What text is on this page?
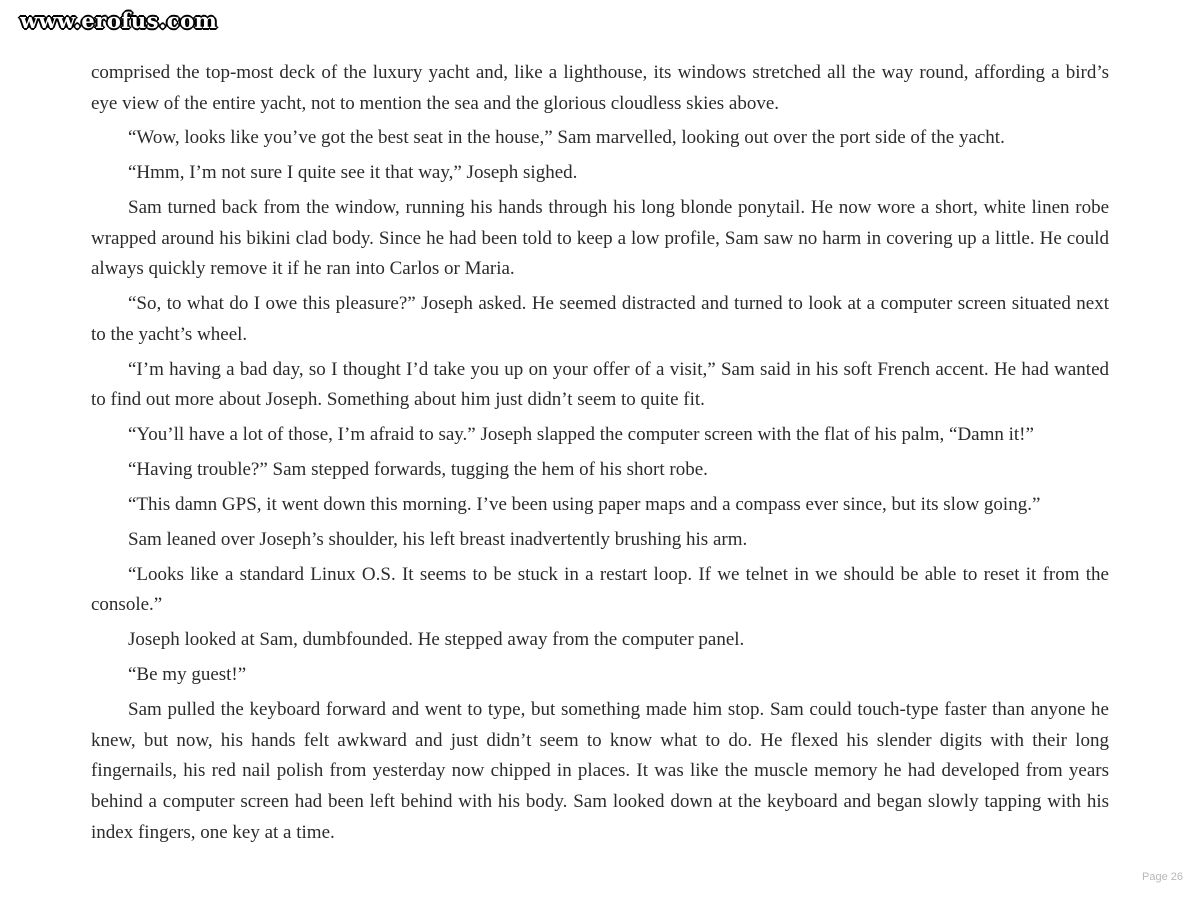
www.erofus.com

comprised the top-most deck of the luxury yacht and, like a lighthouse, its windows stretched all the way round, affording a bird’s eye view of the entire yacht, not to mention the sea and the glorious cloudless skies above.

“Wow, looks like you’ve got the best seat in the house,” Sam marvelled, looking out over the port side of the yacht.

“Hmm, I’m not sure I quite see it that way,” Joseph sighed.

Sam turned back from the window, running his hands through his long blonde ponytail. He now wore a short, white linen robe wrapped around his bikini clad body. Since he had been told to keep a low profile, Sam saw no harm in covering up a little. He could always quickly remove it if he ran into Carlos or Maria.

“So, to what do I owe this pleasure?” Joseph asked. He seemed distracted and turned to look at a computer screen situated next to the yacht’s wheel.

“I’m having a bad day, so I thought I’d take you up on your offer of a visit,” Sam said in his soft French accent. He had wanted to find out more about Joseph. Something about him just didn’t seem to quite fit.

“You’ll have a lot of those, I’m afraid to say.” Joseph slapped the computer screen with the flat of his palm, “Damn it!”

“Having trouble?” Sam stepped forwards, tugging the hem of his short robe.

“This damn GPS, it went down this morning. I’ve been using paper maps and a compass ever since, but its slow going.”

Sam leaned over Joseph’s shoulder, his left breast inadvertently brushing his arm.

“Looks like a standard Linux O.S. It seems to be stuck in a restart loop. If we telnet in we should be able to reset it from the console.”

Joseph looked at Sam, dumbfounded. He stepped away from the computer panel.

“Be my guest!”

Sam pulled the keyboard forward and went to type, but something made him stop. Sam could touch-type faster than anyone he knew, but now, his hands felt awkward and just didn’t seem to know what to do. He flexed his slender digits with their long fingernails, his red nail polish from yesterday now chipped in places. It was like the muscle memory he had developed from years behind a computer screen had been left behind with his body. Sam looked down at the keyboard and began slowly tapping with his index fingers, one key at a time.

Page 26
